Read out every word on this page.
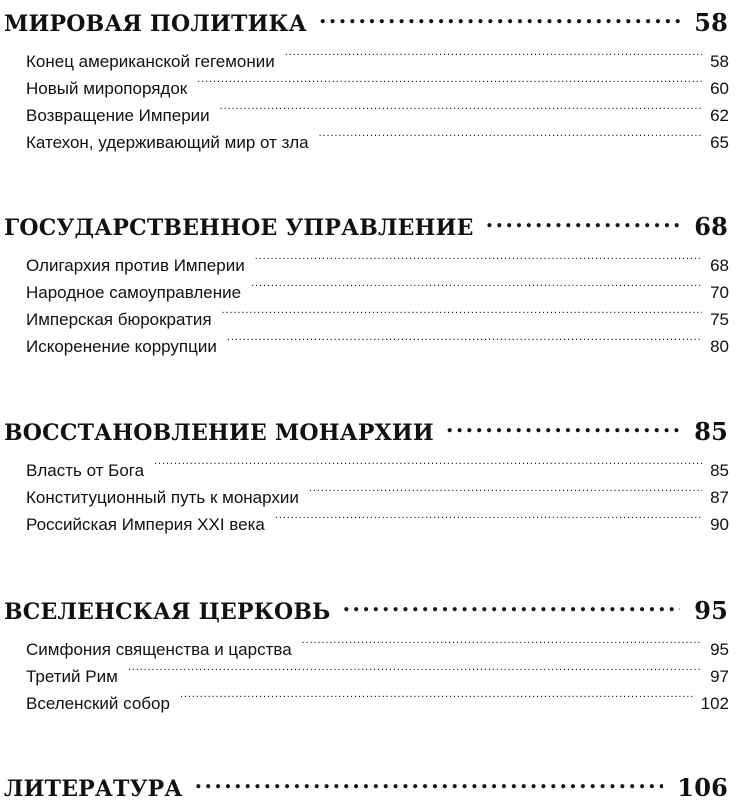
МИРОВАЯ ПОЛИТИКА .....	58
Конец американской гегемонии .....	58
Новый миропорядок .....	60
Возвращение Империи .....	62
Катехон, удерживающий мир от зла .....	65
ГОСУДАРСТВЕННОЕ УПРАВЛЕНИЕ .....	68
Олигархия против Империи .....	68
Народное самоуправление .....	70
Имперская бюрократия .....	75
Искоренение коррупции .....	80
ВОССТАНОВЛЕНИЕ МОНАРХИИ .....	85
Власть от Бога .....	85
Конституционный путь к монархии .....	87
Российская Империя XXI века .....	90
ВСЕЛЕНСКАЯ ЦЕРКОВЬ .....	95
Симфония священства и царства .....	95
Третий Рим .....	97
Вселенский собор .....	102
ЛИТЕРАТУРА .....	106
